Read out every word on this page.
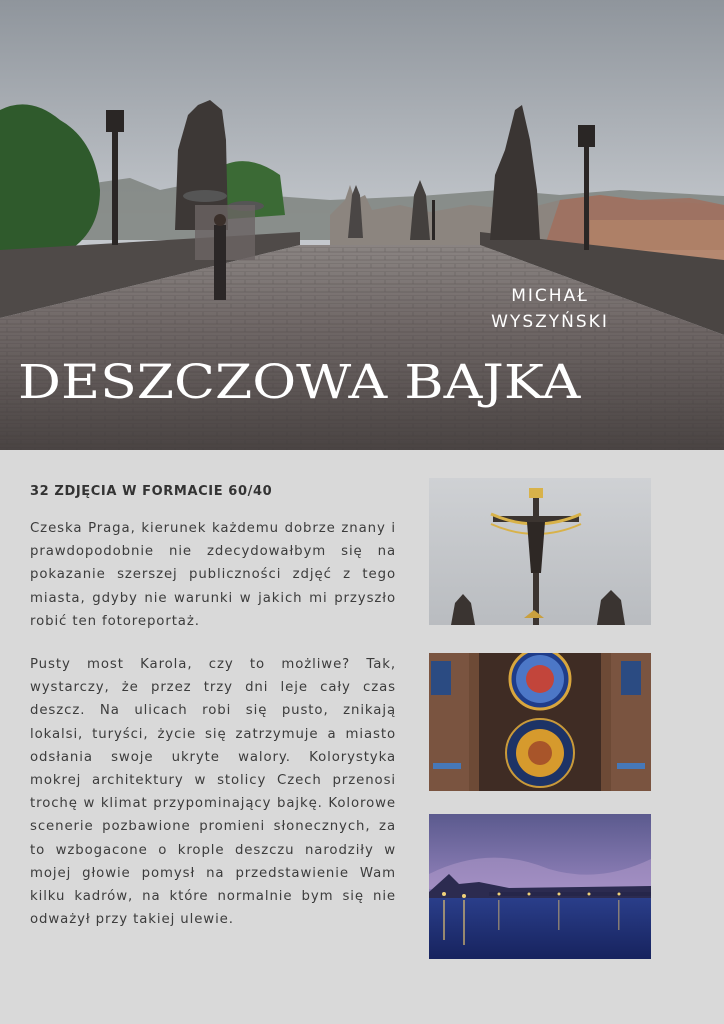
MICHAŁ
WYSZYŃSKI
DESZCZOWA BAJKA
32 ZDJĘCIA W FORMACIE 60/40

Czeska Praga, kierunek każdemu dobrze znany i prawdopodobnie nie zdecydowałbym się na pokazanie szerszej publiczności zdjęć z tego miasta, gdyby nie warunki w jakich mi przyszło robić ten fotoreportaż.

Pusty most Karola, czy to możliwe? Tak, wystarczy, że przez trzy dni leje cały czas deszcz. Na ulicach robi się pusto, znikają lokalsi, turyści, życie się zatrzymuje a miasto odsłania swoje ukryte walory. Kolorystyka mokrej architektury w stolicy Czech przenosi trochę w klimat przypominający bajkę. Kolorowe scenerie pozbawione promieni słonecznych, za to wzbogacone o krople deszczu narodziły w mojej głowie pomysł na przedstawienie Wam kilku kadrów, na które normalnie bym się nie odważył przy takiej ulewie.
